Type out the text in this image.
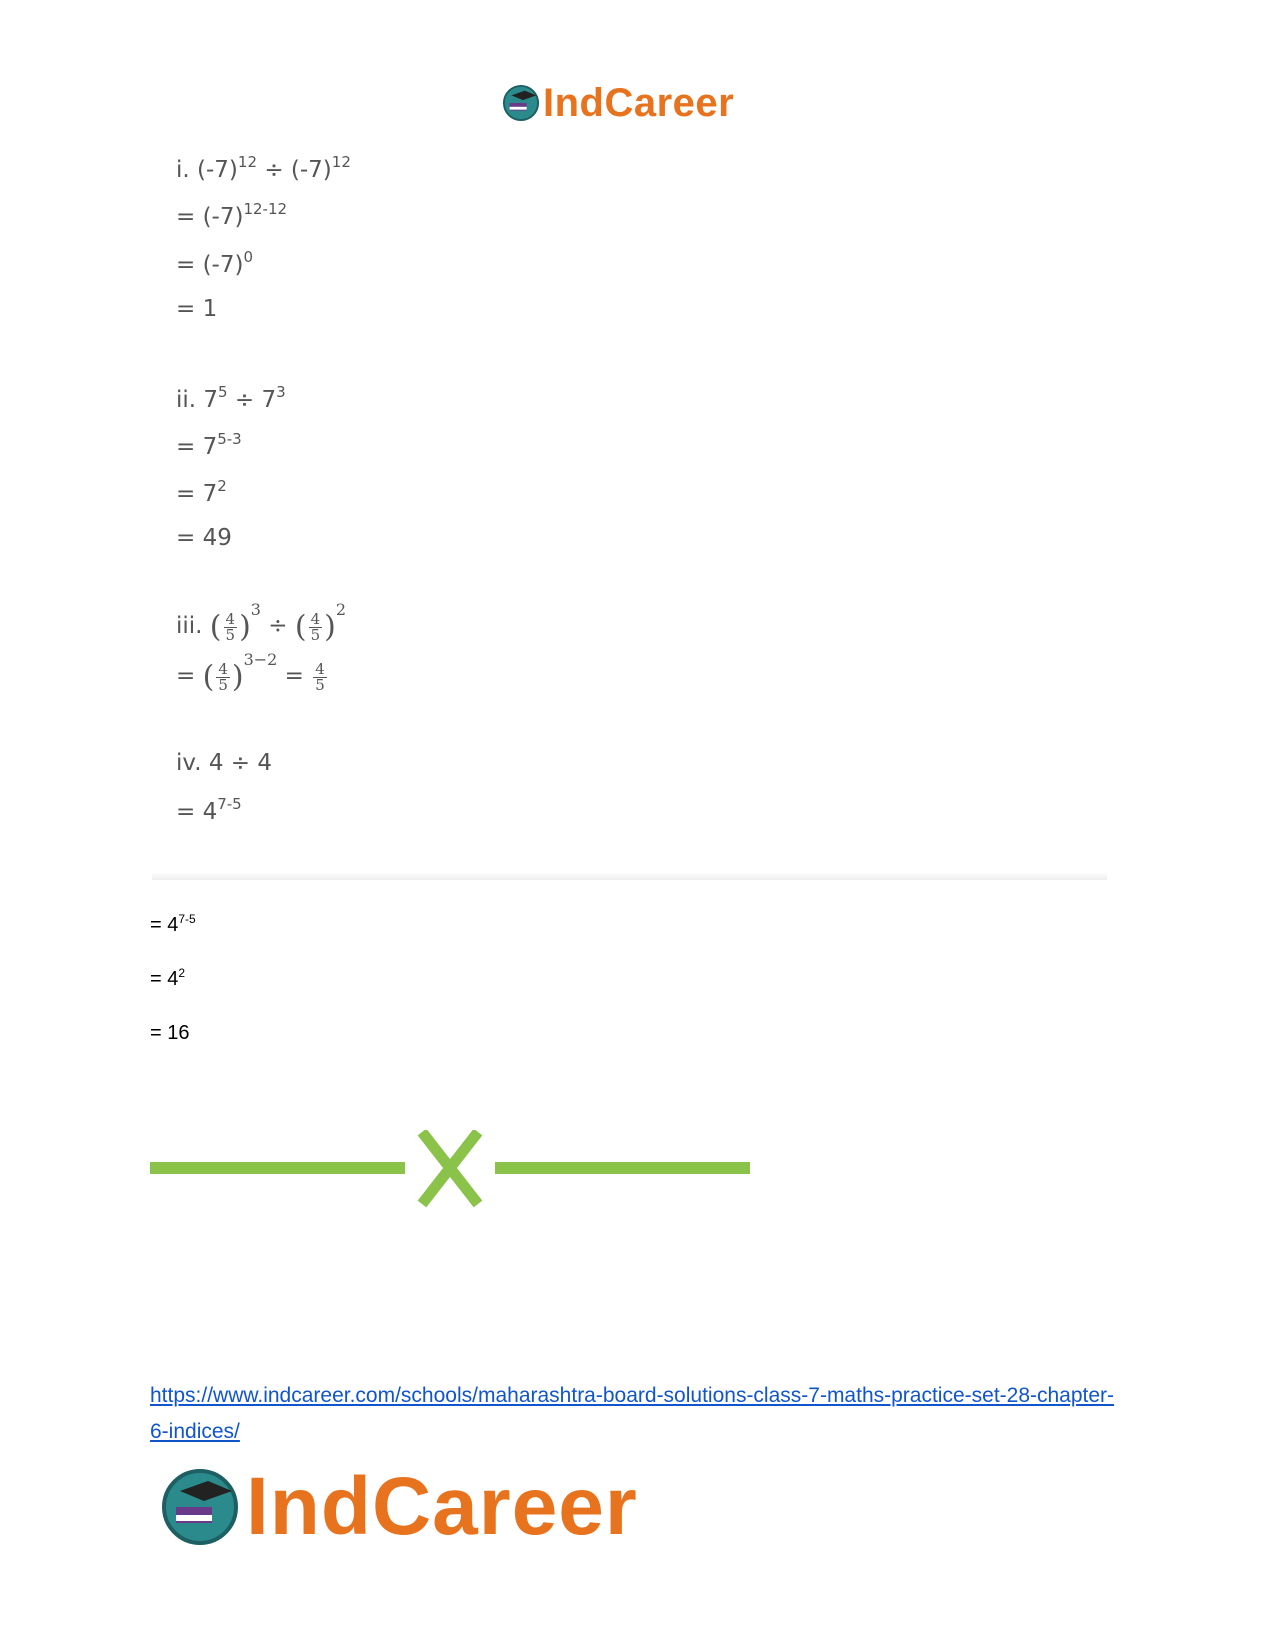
IndCareer
i. $(-7)^{12} \div (-7)^{12}$
= $(-7)^{12-12}$
= $(-7)^0$
= 1
ii. $7^5 \div 7^3$
= $7^{5-3}$
= $7^2$
= 49
iii. ( $\frac{4}{5} )^3$ ÷ ( $\frac{4}{5} )^2$
= ( $\frac{4}{5} )^{3-2} = \frac{4}{5}$
iv. 4 ÷ 4
= $4^{7-5}$
= $4^{7-5}$
= $4^2$
= 16
https://www.indcareer.com/schools/maharashtra-board-solutions-class-7-maths-practice-set-28-chapter-6-indices/
IndCareer
